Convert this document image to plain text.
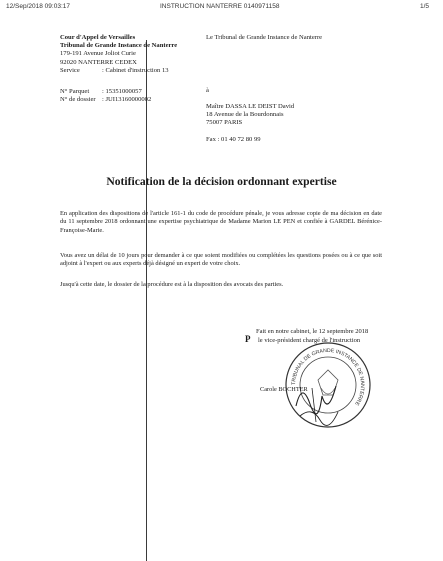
12/Sep/2018 09:03:17	INSTRUCTION NANTERRE 0140971158	1/5
Cour d'Appel de Versailles
Tribunal de Grande Instance de Nanterre
179-191 Avenue Joliot Curie
92020 NANTERRE CEDEX
Service	: Cabinet d'instruction 13
N° Parquet : 15351000057
N° de dossier : JUI13160000002
Le Tribunal de Grande Instance de Nanterre
à
Maître DASSA LE DEIST David
18 Avenue de la Bourdonnais
75007 PARIS
Fax : 01 40 72 80 99
Notification de la décision ordonnant expertise
En application des dispositions de l'article 161-1 du code de procédure pénale, je vous adresse copie de ma décision en date du 11 septembre 2018 ordonnant une expertise psychiatrique de Madame Marion LE PEN et confiée à GARDEL Bérénice-Françoise-Marie.
Vous avez un délai de 10 jours pour demander à ce que soient modifiées ou complétées les questions posées ou à ce que soit adjoint à l'expert ou aux experts déjà désigné un expert de votre choix.
Jusqu'à cette date, le dossier de la procédure est à la disposition des avocats des parties.
Fait en notre cabinet, le 12 septembre 2018
le vice-président chargé de l'instruction
P
TRIBUNAL DE GRANDE INSTANCE DE NANTERRE
Carole BOCHTER
